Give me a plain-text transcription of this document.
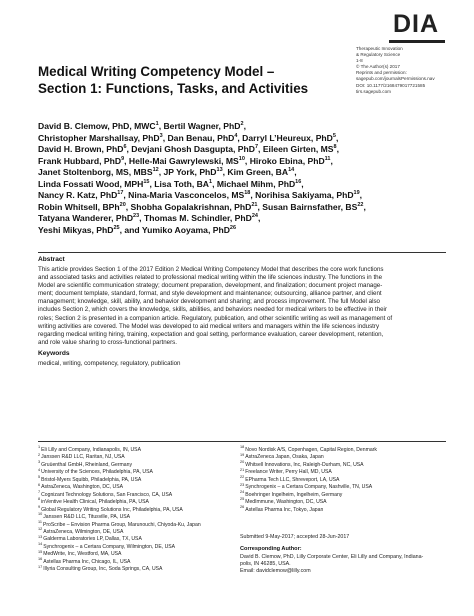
DIA
Therapeutic Innovation
& Regulatory Science
1-8
© The Author(s) 2017
Reprints and permission:
sagepub.com/journalsPermissions.nav
DOI: 10.1177/2168479017721585
tirs.sagepub.com
Medical Writing Competency Model –
Section 1: Functions, Tasks, and Activities
David B. Clemow, PhD, MWC$^1$, Bertil Wagner, PhD$^2$,
Christopher Marshallsay, PhD$^3$, Dan Benau, PhD$^4$, Darryl L’Heureux, PhD$^5$,
David H. Brown, PhD$^6$, Devjani Ghosh Dasgupta, PhD$^7$, Eileen Girten, $MS^8$,
Frank Hubbard, PhD$^9$, Helle-Mai Gawrylewski, MS$^{10}$, Hiroko Ebina, PhD$^{11}$,
Janet Stoltenborg, MS, MBS$^{12}$, JP York, PhD$^{13}$, Kim Green, BA$^{14}$,
Linda Fossati Wood, MPH$^{15}$, Lisa Toth, $BA^1$, Michael Mihm, PhD$^{16}$,
Nancy R. Katz, PhD$^{17}$, Nina-Maria Vasconcelos, MS$^{18}$, Norihisa Sakiyama, PhD$^{19}$,
Robin Whitsell, BPh$^{20}$, Shobha Gopalakrishnan, PhD$^{21}$, Susan Bairnsfather, BS$^{22}$,
Tatyana Wanderer, PhD$^{23}$, Thomas M. Schindler, PhD$^{24}$,
Yeshi Mikyas, PhD$^{25}$, and Yumiko Aoyama, PhD$^{26}$
Abstract
This article provides Section 1 of the 2017 Edition 2 Medical Writing Competency Model that describes the core work functions
and associated tasks and activities related to professional medical writing within the life sciences industry. The functions in the
Model are scientific communication strategy; document preparation, development, and finalization; document project manage-
ment; document template, standard, format, and style development and maintenance; outsourcing, alliance partner, and client
management; knowledge, skill, ability, and behavior development and sharing; and process improvement. The full Model also
includes Section 2, which covers the knowledge, skills, abilities, and behaviors needed for medical writers to be effective in their
roles; Section 2 is presented in a companion article. Regulatory, publication, and other scientific writing as well as management of
writing activities are covered. The Model was developed to aid medical writers and managers within the life sciences industry
regarding medical writing hiring, training, expectation and goal setting, performance evaluation, career development, retention,
and role value sharing to cross-functional partners.
Keywords
medical, writing, competency, regulatory, publication
$^1$Eli Lilly and Company, Indianapolis, IN, USA
$^2$Janssen R&D LLC, Raritan, NJ, USA
$^3$Gruüenthal GmbH, Rheinland, Germany
$^4$University of the Sciences, Philadelphia, PA, USA
$^5$Bristol-Myers Squibb, Philadelphia, PA, USA
$^6$AstraZeneca, Washington, DC, USA
$^7$Cognizant Technology Solutions, San Francisco, CA, USA
$^8$inVentive Health Clinical, Philadelphia, PA, USA
$^9$Global Regulatory Writing Solutions Inc, Philadelphia, PA, USA
$^{10}$Janssen R&D LLC, Titusville, PA, USA
$^{11}$ProScribe – Envision Pharma Group, Marunouchi, Chiyoda-Ku, Japan
$^{12}$AstraZeneca, Wilmington, DE, USA
$^{13}$Galderma Laboratories LP, Dallas, TX, USA
$^{14}$Synchrogenix – a Certara Company, Wilmington, DE, USA
$^{15}$MedWrite, Inc, Westford, MA, USA
$^{16}$Astellas Pharma Inc, Chicago, IL, USA
$^{17}$Illyria Consulting Group, Inc, Soda Springs, CA, USA
$^{18}$Novo Nordisk A/S, Copenhagen, Capital Region, Denmark
$^{19}$AstraZeneca Japan, Osaka, Japan
$^{20}$Whitsell Innovations, Inc, Raleigh-Durham, NC, USA
$^{21}$Freelance Writer, Perry Hall, MD, USA
$^{22}$EPharma Tech LLC, Shreveport, LA, USA
$^{23}$Synchrogenix – a Certara Company, Nashville, TN, USA
$^{24}$Boehringer Ingelheim, Ingelheim, Germany
$^{25}$MedImmune, Washington, DC, USA
$^{26}$Astellas Pharma Inc, Tokyo, Japan
Submitted 9-May-2017; accepted 28-Jun-2017
Corresponding Author:
David B. Clemow, PhD, Lilly Corporate Center, Eli Lilly and Company, Indiana-
polis, IN 46285, USA.
Email: davidclemow@lilly.com
